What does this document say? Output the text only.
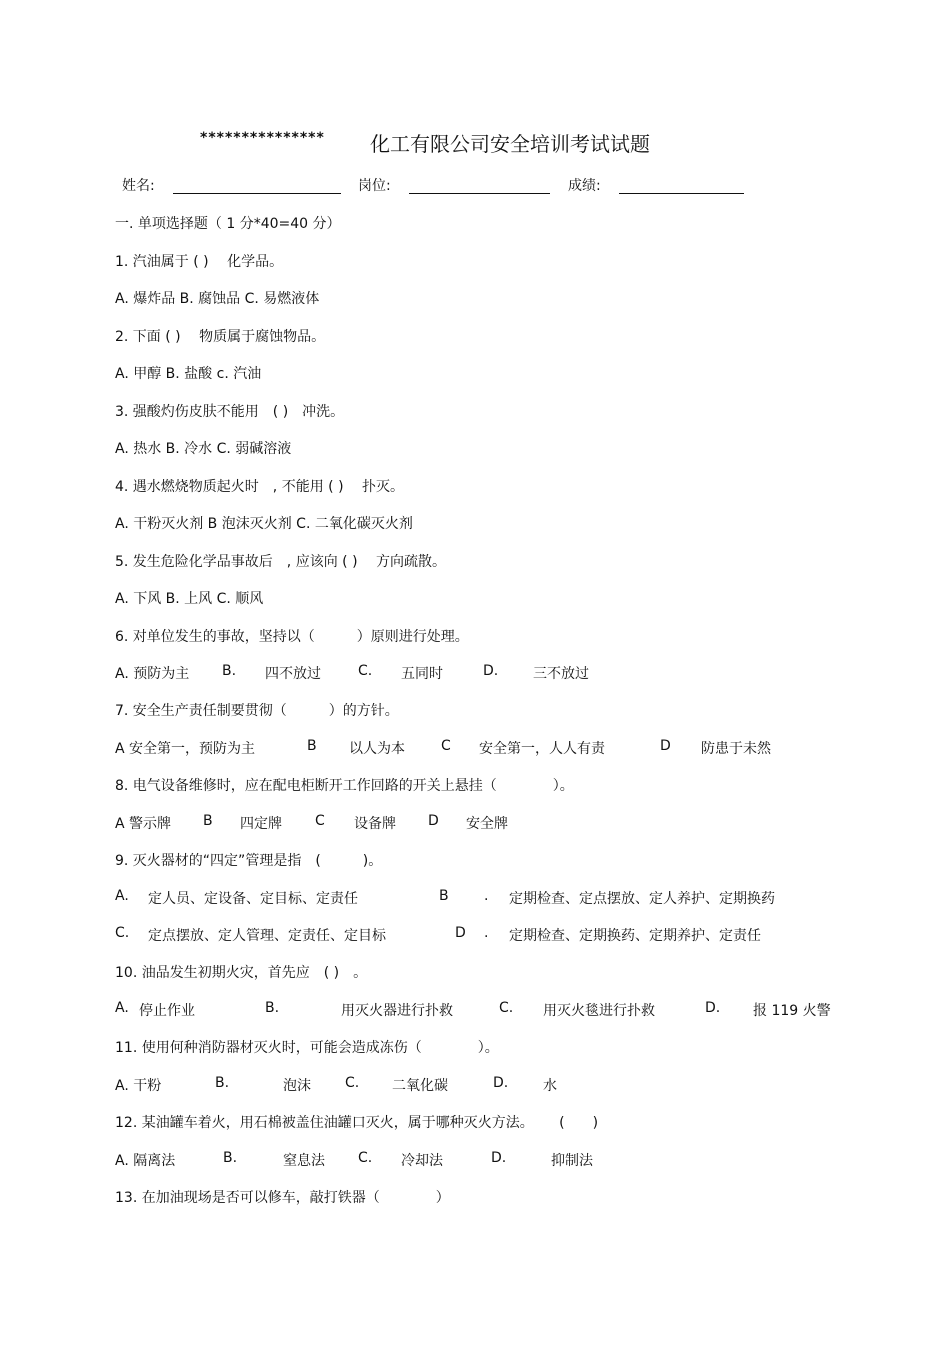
*************** 化工有限公司安全培训考试试题
姓名:	岗位:	成绩:
一. 单项选择题（ 1 分*40=40 分）
1. 汽油属于 ( )　 化学品。
A. 爆炸品 B. 腐蚀品 C. 易燃液体
2. 下面 ( )　 物质属于腐蚀物品。
A. 甲醇 B. 盐酸 c. 汽油
3. 强酸灼伤皮肤不能用　( )　冲洗。
A. 热水 B. 冷水 C. 弱碱溶液
4. 遇水燃烧物质起火时　, 不能用 ( )　 扑灭。
A. 干粉灭火剂 B 泡沫灭火剂 C. 二氧化碳灭火剂
5. 发生危险化学品事故后　, 应该向 ( )　 方向疏散。
A. 下风 B. 上风 C. 顺风
6. 对单位发生的事故，坚持以（　　　）原则进行处理。
A. 预防为主 B. 四不放过	C. 五同时	D. 三不放过
7. 安全生产责任制要贯彻（　　　）的方针。
A 安全第一，预防为主	B 以人为本	C 安全第一，人人有责	D 防患于未然
8. 电气设备维修时，应在配电柜断开工作回路的开关上悬挂（　　　　）。
A 警示牌 B 四定牌 C 设备牌 D 安全牌
9. 灭火器材的“四定”管理是指　(　　　)。
A. 定人员、定设备、定目标、定责任	B	. 定期检查、定点摆放、定人养护、定期换药
C. 定点摆放、定人管理、定责任、定目标	D . 定期检查、定期换药、定期养护、定责任
10. 油品发生初期火灾，首先应　( )　。
A. 停止作业	B.	用灭火器进行扑救	C. 用灭火毯进行扑救	D. 报 119 火警
11. 使用何种消防器材灭火时，可能会造成冻伤（　　　　）。
A. 干粉	B.	泡沫 C. 二氧化碳	D. 水
12. 某油罐车着火，用石棉被盖住油罐口灭火，属于哪种灭火方法。　　 (　　)
A. 隔离法	B.	窒息法 C. 冷却法	D.	抑制法
13. 在加油现场是否可以修车，敲打铁器（　　　　）
